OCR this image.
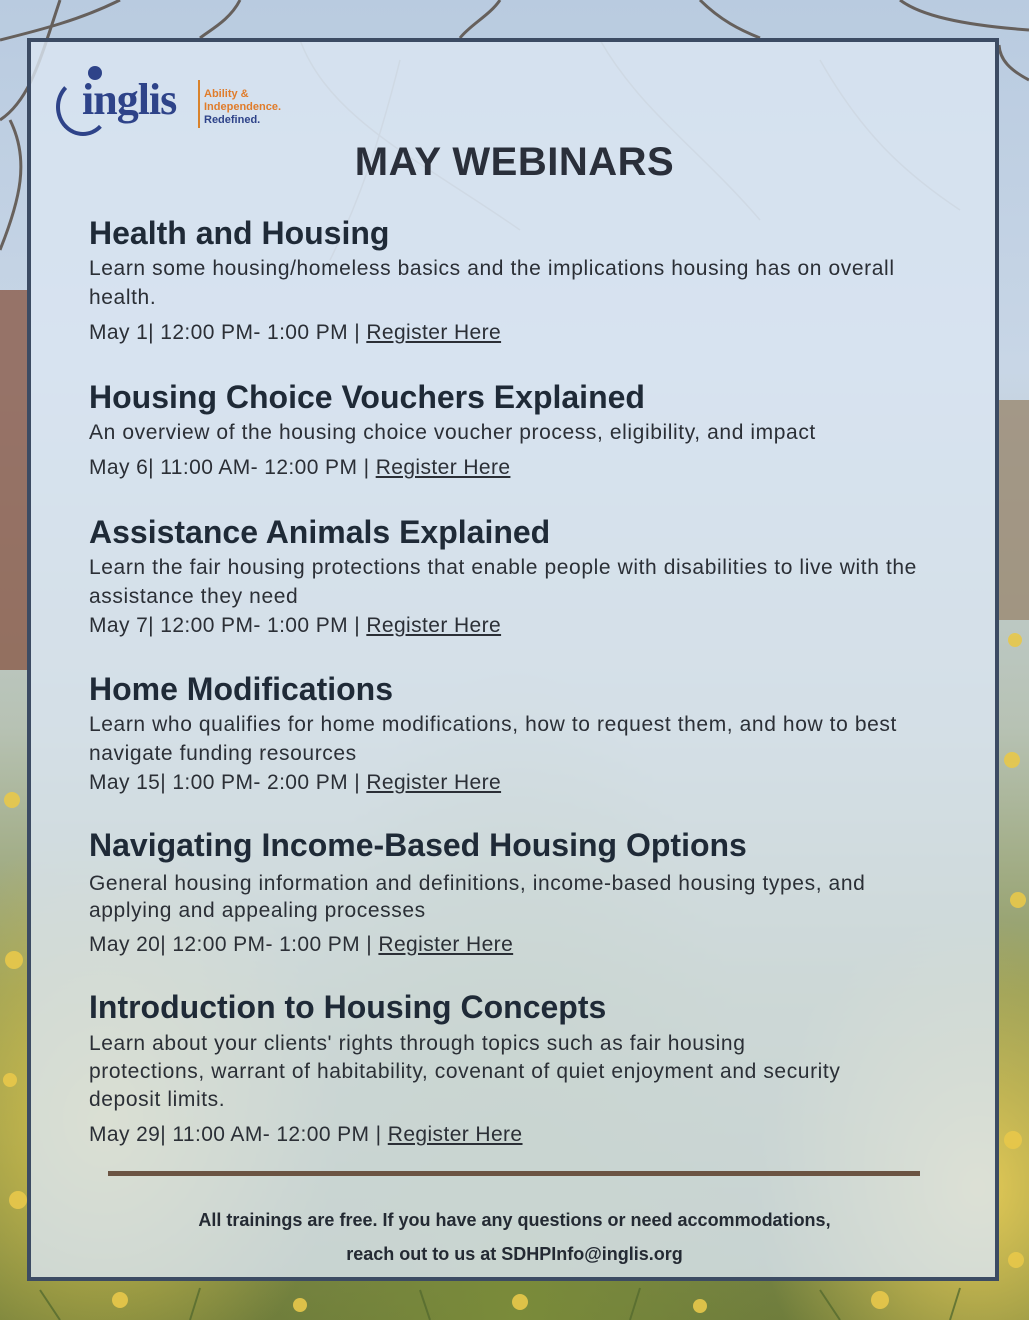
inglis	Ability &
Independence.
Redefined.
MAY WEBINARS
Health and Housing

Learn some housing/homeless basics and the implications housing has on overall health.

May 1| 12:00 PM- 1:00 PM | Register Here

Housing Choice Vouchers Explained

An overview of the housing choice voucher process, eligibility, and impact

May 6| 11:00 AM- 12:00 PM | Register Here

Assistance Animals Explained

Learn the fair housing protections that enable people with disabilities to live with the assistance they need

May 7| 12:00 PM- 1:00 PM | Register Here

Home Modifications

Learn who qualifies for home modifications, how to request them, and how to best navigate funding resources

May 15| 1:00 PM- 2:00 PM | Register Here

Navigating Income-Based Housing Options

General housing information and definitions, income-based housing types, and applying and appealing processes

May 20| 12:00 PM- 1:00 PM | Register Here

Introduction to Housing Concepts

Learn about your clients' rights through topics such as fair housing protections, warrant of habitability, covenant of quiet enjoyment and security deposit limits.

May 29| 11:00 AM- 12:00 PM | Register Here

All trainings are free. If you have any questions or need accommodations,
reach out to us at SDHPInfo@inglis.org
